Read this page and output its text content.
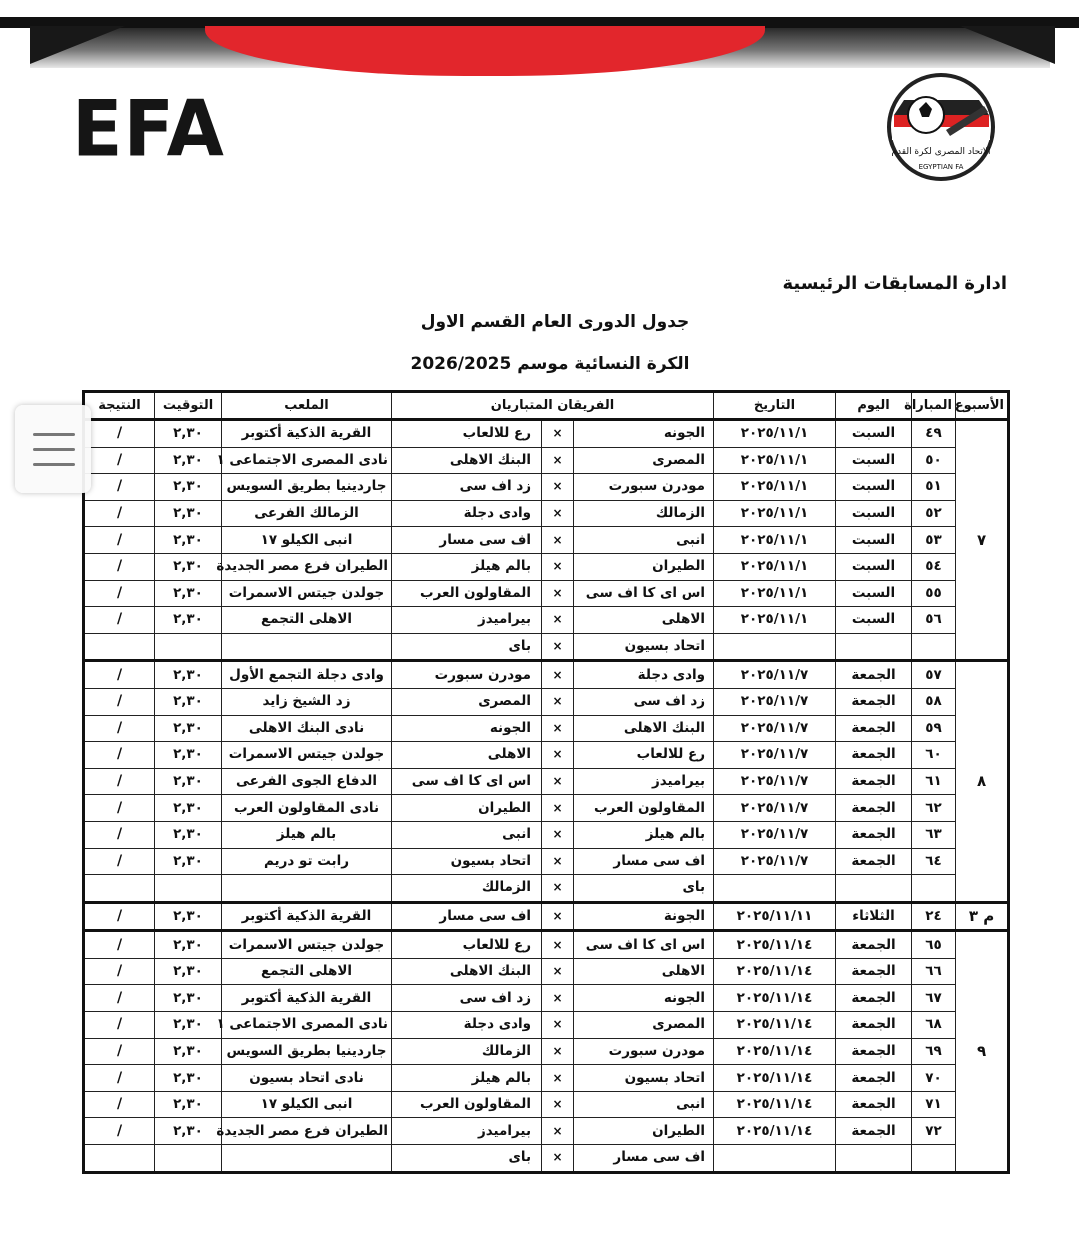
EFA	الاتحاد المصرى لكرة القدم
EGYPTIAN FA
ادارة المسابقات الرئيسية
جدول الدورى العام القسم الاول
الكرة النسائية موسم 2026/2025
الأسبوع	المباراة	اليوم	التاريخ	الفريقان المتباريان			الملعب	التوقيت	النتيجة
٧	٤٩	السبت	٢٠٢٥/١١/١	الجونه	×	رع للالعاب	القرية الذكية أكتوبر	٢,٣٠	/
	٥٠	السبت	٢٠٢٥/١١/١	المصرى	×	البنك الاهلى	نادى المصرى الاجتماعى ١	٢,٣٠	/
	٥١	السبت	٢٠٢٥/١١/١	مودرن سبورت	×	زد اف سى	جاردينيا بطريق السويس	٢,٣٠	/
	٥٢	السبت	٢٠٢٥/١١/١	الزمالك	×	وادى دجلة	الزمالك الفرعى	٢,٣٠	/
	٥٣	السبت	٢٠٢٥/١١/١	انبى	×	اف سى مسار	انبى الكيلو ١٧	٢,٣٠	/
	٥٤	السبت	٢٠٢٥/١١/١	الطيران	×	بالم هيلز	الطيران فرع مصر الجديدة	٢,٣٠	/
	٥٥	السبت	٢٠٢٥/١١/١	اس اى كا اف سى	×	المقاولون العرب	جولدن جيتس الاسمرات	٢,٣٠	/
	٥٦	السبت	٢٠٢٥/١١/١	الاهلى	×	بيراميدز	الاهلى التجمع	٢,٣٠	/
				اتحاد بسيون	×	باى			
٨	٥٧	الجمعة	٢٠٢٥/١١/٧	وادى دجلة	×	مودرن سبورت	وادى دجلة التجمع الأول	٢,٣٠	/
	٥٨	الجمعة	٢٠٢٥/١١/٧	زد اف سى	×	المصرى	زد الشيخ زايد	٢,٣٠	/
	٥٩	الجمعة	٢٠٢٥/١١/٧	البنك الاهلى	×	الجونه	نادى البنك الاهلى	٢,٣٠	/
	٦٠	الجمعة	٢٠٢٥/١١/٧	رع للالعاب	×	الاهلى	جولدن جيتس الاسمرات	٢,٣٠	/
	٦١	الجمعة	٢٠٢٥/١١/٧	بيراميدز	×	اس اى كا اف سى	الدفاع الجوى الفرعى	٢,٣٠	/
	٦٢	الجمعة	٢٠٢٥/١١/٧	المقاولون العرب	×	الطيران	نادى المقاولون العرب	٢,٣٠	/
	٦٣	الجمعة	٢٠٢٥/١١/٧	بالم هيلز	×	انبى	بالم هيلز	٢,٣٠	/
	٦٤	الجمعة	٢٠٢٥/١١/٧	اف سى مسار	×	اتحاد بسيون	رابت تو دريم	٢,٣٠	/
				باى	×	الزمالك			
م ٣	٢٤	الثلاثاء	٢٠٢٥/١١/١١	الجونة	×	اف سى مسار	القرية الذكية أكتوبر	٢,٣٠	/
٩	٦٥	الجمعة	٢٠٢٥/١١/١٤	اس اى كا اف سى	×	رع للالعاب	جولدن جيتس الاسمرات	٢,٣٠	/
	٦٦	الجمعة	٢٠٢٥/١١/١٤	الاهلى	×	البنك الاهلى	الاهلى التجمع	٢,٣٠	/
	٦٧	الجمعة	٢٠٢٥/١١/١٤	الجونه	×	زد اف سى	القرية الذكية أكتوبر	٢,٣٠	/
	٦٨	الجمعة	٢٠٢٥/١١/١٤	المصرى	×	وادى دجلة	نادى المصرى الاجتماعى ١	٢,٣٠	/
	٦٩	الجمعة	٢٠٢٥/١١/١٤	مودرن سبورت	×	الزمالك	جاردينيا بطريق السويس	٢,٣٠	/
	٧٠	الجمعة	٢٠٢٥/١١/١٤	اتحاد بسيون	×	بالم هيلز	نادى اتحاد بسيون	٢,٣٠	/
	٧١	الجمعة	٢٠٢٥/١١/١٤	انبى	×	المقاولون العرب	انبى الكيلو ١٧	٢,٣٠	/
	٧٢	الجمعة	٢٠٢٥/١١/١٤	الطيران	×	بيراميدز	الطيران فرع مصر الجديدة	٢,٣٠	/
				اف سى مسار	×	باى			
